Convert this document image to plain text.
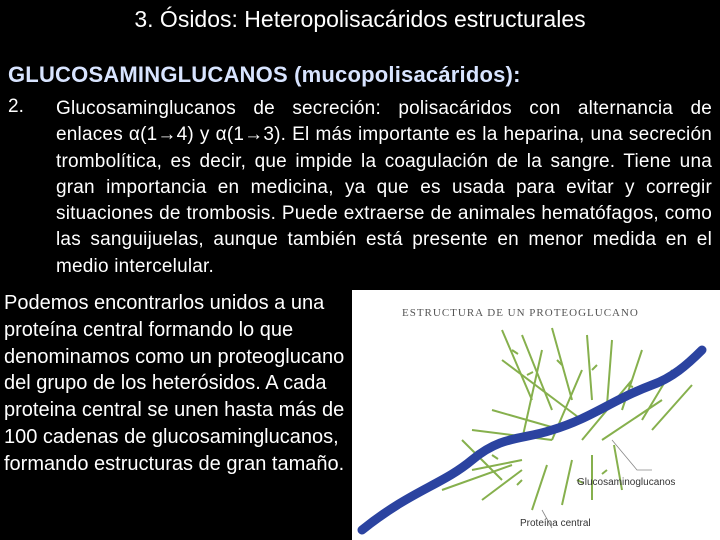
3. Ósidos: Heteropolisacáridos estructurales
GLUCOSAMINGLUCANOS (mucopolisacáridos):
2. Glucosaminglucanos de secreción: polisacáridos con alternancia de enlaces α(1→4) y α(1→3). El más importante es la heparina, una secreción trombolítica, es decir, que impide la coagulación de la sangre. Tiene una gran importancia en medicina, ya que es usada para evitar y corregir situaciones de trombosis. Puede extraerse de animales hematófagos, como las sanguijuelas, aunque también está presente en menor medida en el medio intercelular.
Podemos encontrarlos unidos a una proteína central formando lo que denominamos como un proteoglucano del grupo de los heterósidos. A cada proteina central se unen hasta más de 100 cadenas de glucosaminglucanos, formando estructuras de gran tamaño.
ESTRUCTURA DE UN PROTEOGLUCANO
Glucosaminoglucanos
Proteína central
